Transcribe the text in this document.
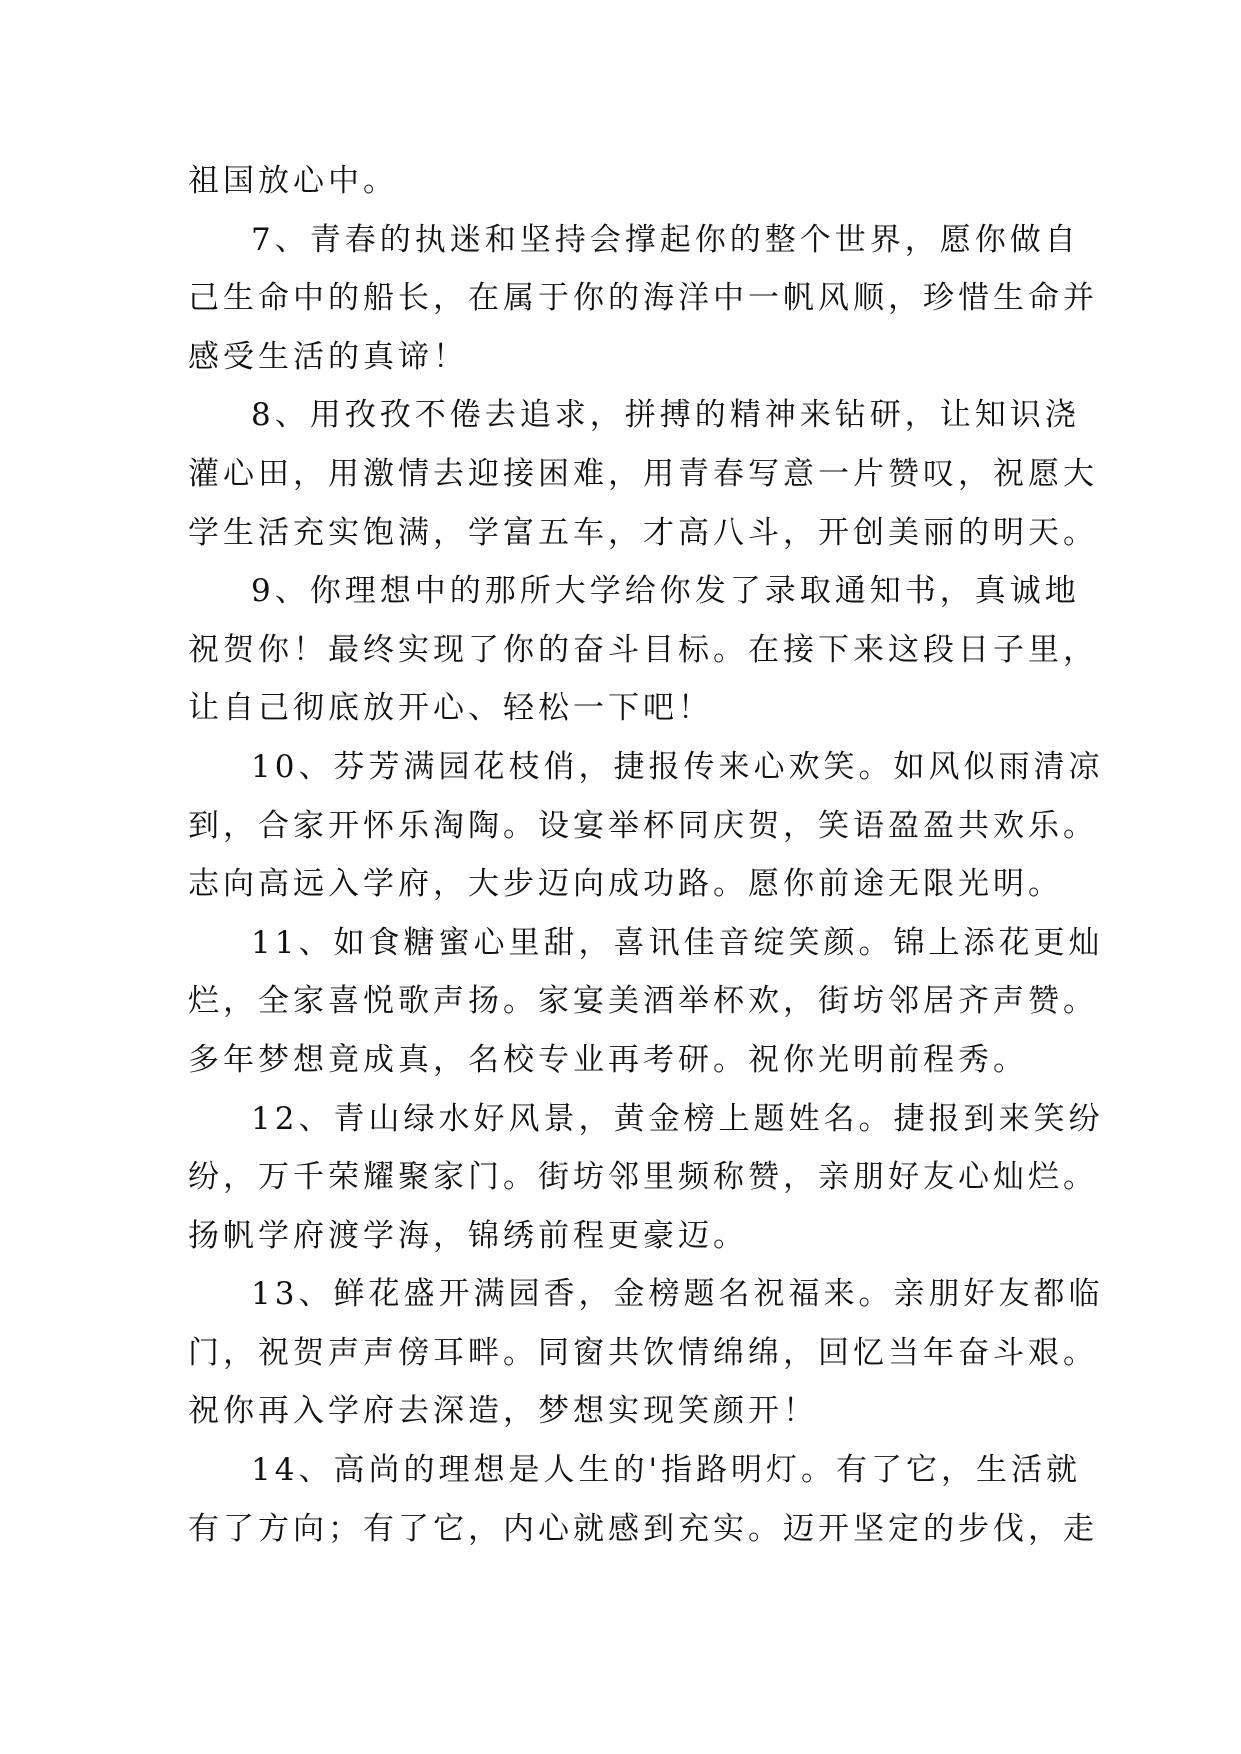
祖国放心中。
7、青春的执迷和坚持会撑起你的整个世界，愿你做自
己生命中的船长，在属于你的海洋中一帆风顺，珍惜生命并
感受生活的真谛！
8、用孜孜不倦去追求，拼搏的精神来钻研，让知识浇
灌心田，用激情去迎接困难，用青春写意一片赞叹，祝愿大
学生活充实饱满，学富五车，才高八斗，开创美丽的明天。
9、你理想中的那所大学给你发了录取通知书，真诚地
祝贺你！最终实现了你的奋斗目标。在接下来这段日子里，
让自己彻底放开心、轻松一下吧！
10、芬芳满园花枝俏，捷报传来心欢笑。如风似雨清凉
到，合家开怀乐淘陶。设宴举杯同庆贺，笑语盈盈共欢乐。
志向高远入学府，大步迈向成功路。愿你前途无限光明。
11、如食糖蜜心里甜，喜讯佳音绽笑颜。锦上添花更灿
烂，全家喜悦歌声扬。家宴美酒举杯欢，街坊邻居齐声赞。
多年梦想竟成真，名校专业再考研。祝你光明前程秀。
12、青山绿水好风景，黄金榜上题姓名。捷报到来笑纷
纷，万千荣耀聚家门。街坊邻里频称赞，亲朋好友心灿烂。
扬帆学府渡学海，锦绣前程更豪迈。
13、鲜花盛开满园香，金榜题名祝福来。亲朋好友都临
门，祝贺声声傍耳畔。同窗共饮情绵绵，回忆当年奋斗艰。
祝你再入学府去深造，梦想实现笑颜开！
14、高尚的理想是人生的'指路明灯。有了它，生活就
有了方向；有了它，内心就感到充实。迈开坚定的步伐，走
